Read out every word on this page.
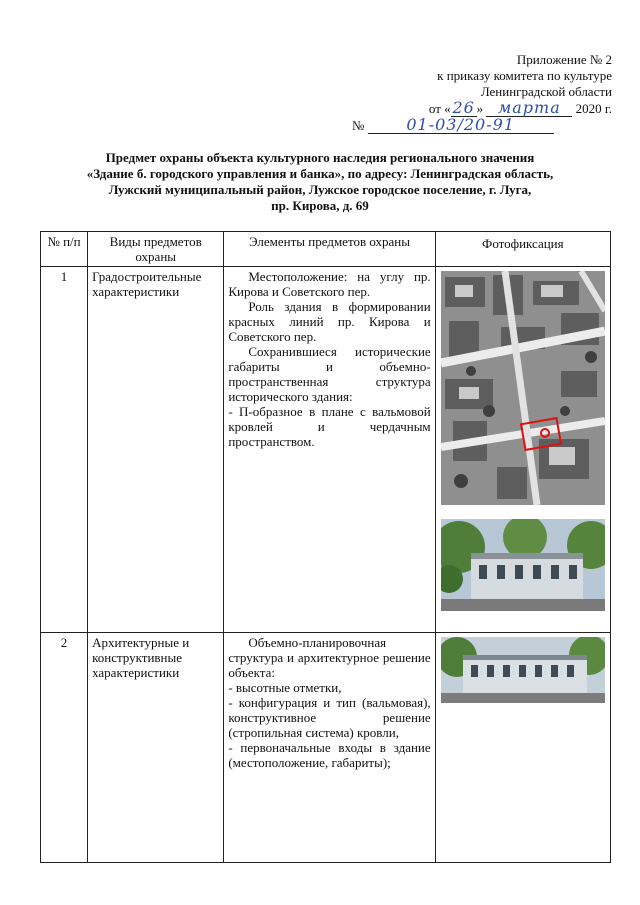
Приложение № 2
к приказу комитета по культуре
Ленинградской области
от « 26 » марта 2020 г.
№	01-03/20-91
Предмет охраны объекта культурного наследия регионального значения
«Здание б. городского управления и банка», по адресу: Ленинградская область,
Лужский муниципальный район, Лужское городское поселение, г. Луга,
пр. Кирова, д. 69
№ п/п	Виды предметов охраны	Элементы предметов охраны	Фотофиксация
1	Градостроительные характеристики	Местоположение: на углу пр. Кирова и Советского пер.

Роль здания в формировании красных линий пр. Кирова и Советского пер.

Сохранившиеся исторические габариты и объемно-пространственная структура исторического здания:

- П-образное в плане с вальмовой кровлей и чердачным пространством.

2	Архитектурные и конструктивные характеристики	Объемно-планировочная структура и архитектурное решение объекта:

- высотные отметки,

- конфигурация и тип (вальмовая), конструктивное решение (стропильная система) кровли,

- первоначальные входы в здание (местоположение, габариты);
